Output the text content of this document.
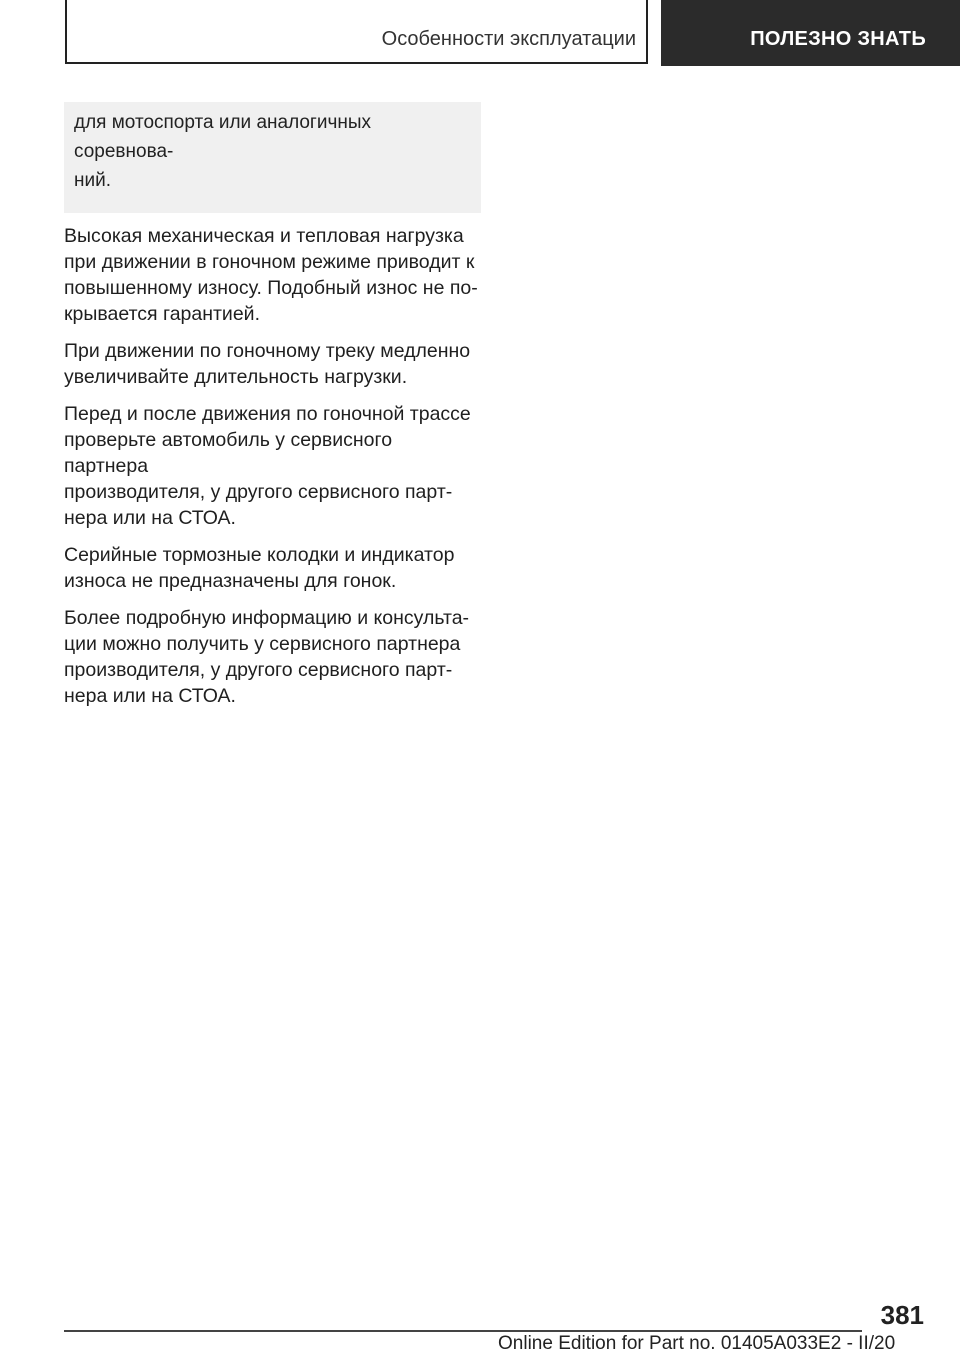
Особенности эксплуатации	ПОЛЕЗНО ЗНАТЬ
для мотоспорта или аналогичных соревнова-
ний.

Высокая механическая и тепловая нагрузка
при движении в гоночном режиме приводит к
повышенному износу. Подобный износ не по-
крывается гарантией.

При движении по гоночному треку медленно
увеличивайте длительность нагрузки.

Перед и после движения по гоночной трассе
проверьте автомобиль у сервисного партнера
производителя, у другого сервисного парт-
нера или на СТОА.

Серийные тормозные колодки и индикатор
износа не предназначены для гонок.

Более подробную информацию и консульта-
ции можно получить у сервисного партнера
производителя, у другого сервисного парт-
нера или на СТОА.

381
Online Edition for Part no. 01405A033E2 - II/20
